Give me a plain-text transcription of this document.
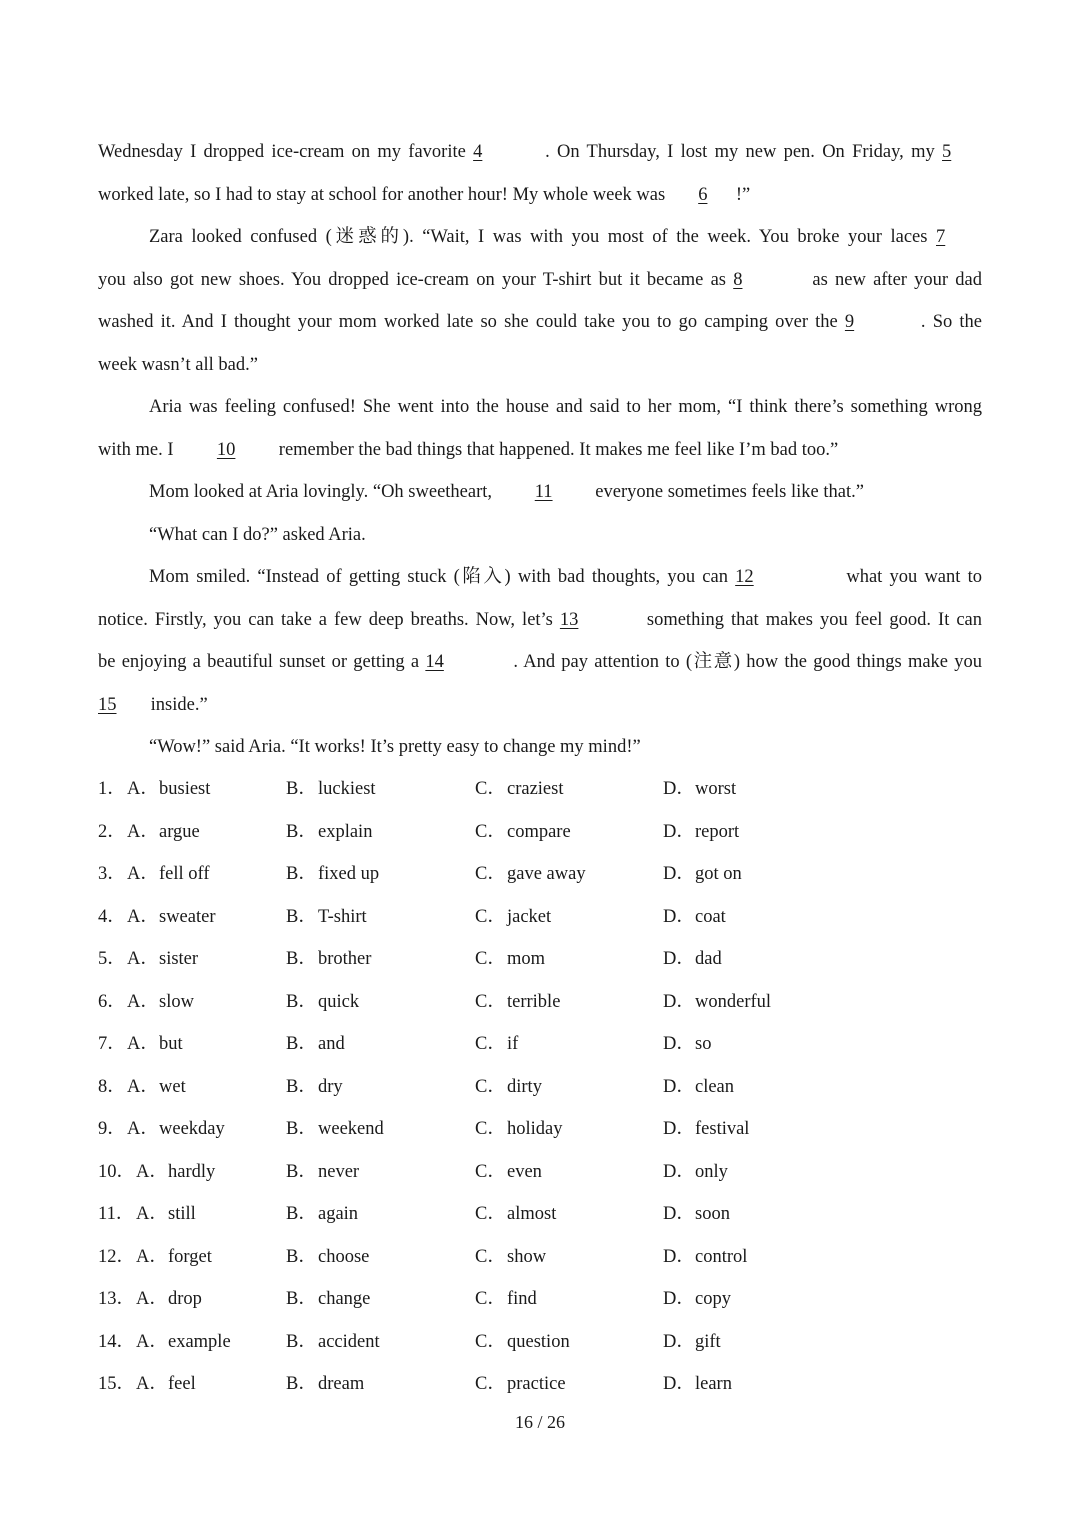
Wednesday I dropped ice-cream on my favorite 4	. On Thursday, I lost my new pen. On Friday, my 5
worked late, so I had to stay at school for another hour! My whole week was 6 !”
Zara looked confused (迷惑的). “Wait, I was with you most of the week. You broke your laces 7
you also got new shoes. You dropped ice-cream on your T-shirt but it became as 8	as new after your dad
washed it. And I thought your mom worked late so she could take you to go camping over the 9	. So the
week wasn’t all bad.”
Aria was feeling confused! She went into the house and said to her mom, “I think there’s something wrong
with me. I 10 remember the bad things that happened. It makes me feel like I’m bad too.”
Mom looked at Aria lovingly. “Oh sweetheart, 11 everyone sometimes feels like that.”
“What can I do?” asked Aria.
Mom smiled. “Instead of getting stuck (陷入) with bad thoughts, you can 12	what you want to
notice. Firstly, you can take a few deep breaths. Now, let’s 13	something that makes you feel good. It can
be enjoying a beautiful sunset or getting a 14	. And pay attention to (注意) how the good things make you
15 inside.”
“Wow!” said Aria. “It works! It’s pretty easy to change my mind!”
1． A．busiest	B．luckiest	C．craziest	D．worst
2． A．argue	B．explain	C．compare	D．report
3． A．fell off	B．fixed up	C．gave away	D．got on
4． A．sweater	B．T-shirt	C．jacket	D．coat
5． A．sister	B．brother	C．mom	D．dad
6． A．slow	B．quick	C．terrible	D．wonderful
7． A．but	B．and	C．if	D．so
8． A．wet	B．dry	C．dirty	D．clean
9． A．weekday	B．weekend	C．holiday	D．festival
10． A．hardly	B．never	C．even	D．only
11． A．still	B．again	C．almost	D．soon
12． A．forget	B．choose	C．show	D．control
13． A．drop	B．change	C．find	D．copy
14． A．example	B．accident	C．question	D．gift
15． A．feel	B．dream	C．practice	D．learn
16 / 26
